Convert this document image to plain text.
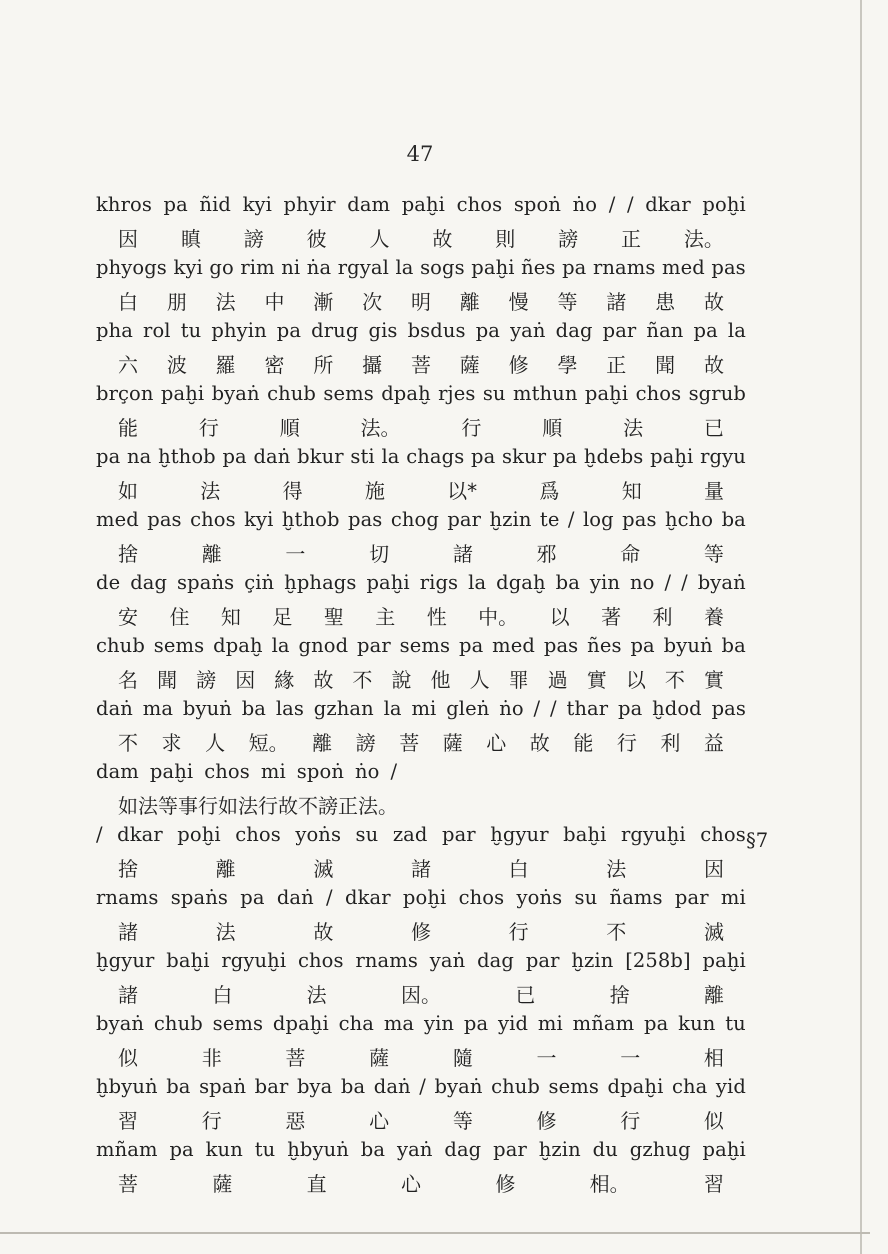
47
khros pa ñid kyi phyir dam paḫi chos spoṅ ṅo / / dkar poḫi
因 瞋 謗 彼 人 故 則 謗 正 法。
phyogs kyi go rim ni ṅa rgyal la sogs paḫi ñes pa rnams med pas
白 朋 法 中 漸 次 明 離 慢 等 諸 患 故
pha rol tu phyin pa drug gis bsdus pa yaṅ dag par ñan pa la
六 波 羅 密 所 攝 菩 薩 修 學 正 聞 故
brçon paḫi byaṅ chub sems dpaḫ rjes su mthun paḫi chos sgrub
能	行	順	法。	行	順	法	已
pa na ḫthob pa daṅ bkur sti la chags pa skur pa ḫdebs paḫi rgyu
如	法	得	施	以*	爲	知	量
med pas chos kyi ḫthob pas chog par ḫzin te / log pas ḫcho ba
捨	離	一	切	諸	邪	命	等
de dag spaṅs çiṅ ḫphags paḫi rigs la dgaḫ ba yin no / / byaṅ
安 住 知 足 聖 主 性 中。 以 著 利 養
chub sems dpaḫ la gnod par sems pa med pas ñes pa byuṅ ba
名 聞 謗 因 緣 故 不 說 他 人 罪 過 實 以 不 實
daṅ ma byuṅ ba las gzhan la mi gleṅ ṅo / / thar pa ḫdod pas
不 求 人 短。 離 謗 菩 薩 心 故 能 行 利 益
dam paḫi chos mi spoṅ ṅo /
如法等事行如法行故不謗正法。
/ dkar poḫi chos yoṅs su zad par ḫgyur baḫi rgyuḫi chos
捨	離	滅	諸	白	法	因
rnams spaṅs pa daṅ / dkar poḫi chos yoṅs su ñams par mi
諸	法	故	修	行	不	滅
ḫgyur baḫi rgyuḫi chos rnams yaṅ dag par ḫzin [258b] paḫi
諸	白	法	因。	已	捨	離
byaṅ chub sems dpaḫi cha ma yin pa yid mi mñam pa kun tu
似	非	菩	薩	隨	一	一	相
ḫbyuṅ ba spaṅ bar bya ba daṅ / byaṅ chub sems dpaḫi cha yid
習	行	惡	心	等	修	行	似
mñam pa kun tu ḫbyuṅ ba yaṅ dag par ḫzin du gzhug paḫi
菩	薩	直	心	修	相。	習
§7
